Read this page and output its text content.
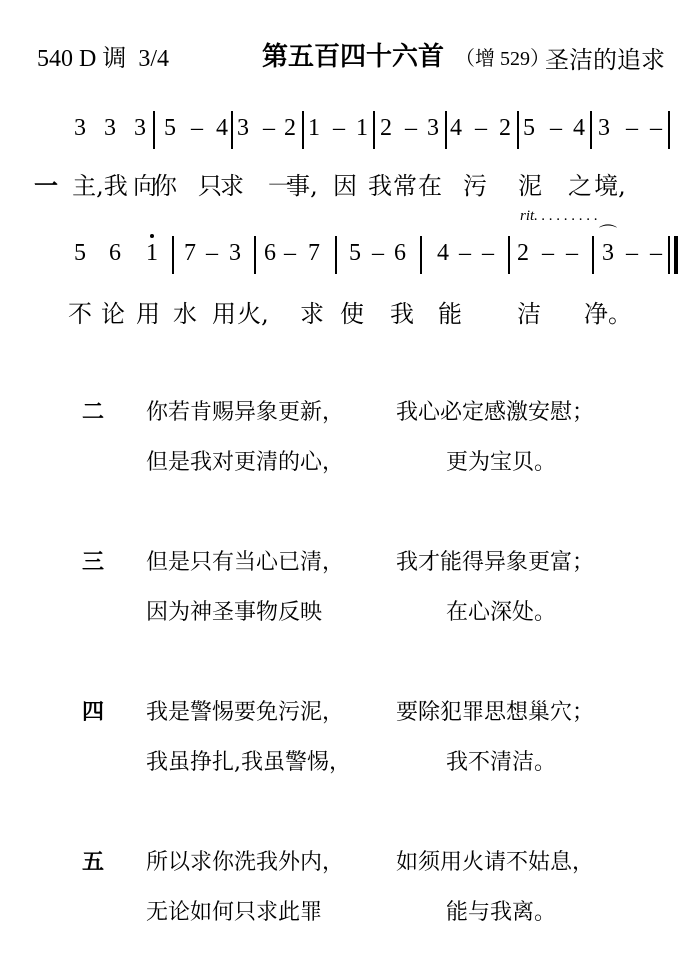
540 D 调  3/4	第五百四十六首 （增 529）
圣洁的追求
3 3 3 5 – 4 3 – 2 1 – 1 2 – 3 4 – 2 5 – 4 3 – –
一 主,我 向
你 只
求 一
事, 因 我 常 在 污 泥 之 境,
rit. . . . . . . . .
5 6 1 7 – 3 6 – 7 5 – 6 4 – – 2 – – 3 – –
⌒
不 论 用 水 用 火, 求 使 我 能 洁 净。
二 你若肯赐异象更新， 我心必定感激安慰；
但是我对更清的心，	更为宝贝。
三 但是只有当心已清， 我才能得异象更富；
因为神圣事物反映	在心深处。
四 我是警惕要免污泥， 要除犯罪思想巢穴；
我虽挣扎,我虽警惕，	我不清洁。
五 所以求你洗我外内， 如须用火请不姑息，
无论如何只求此罪	能与我离。
